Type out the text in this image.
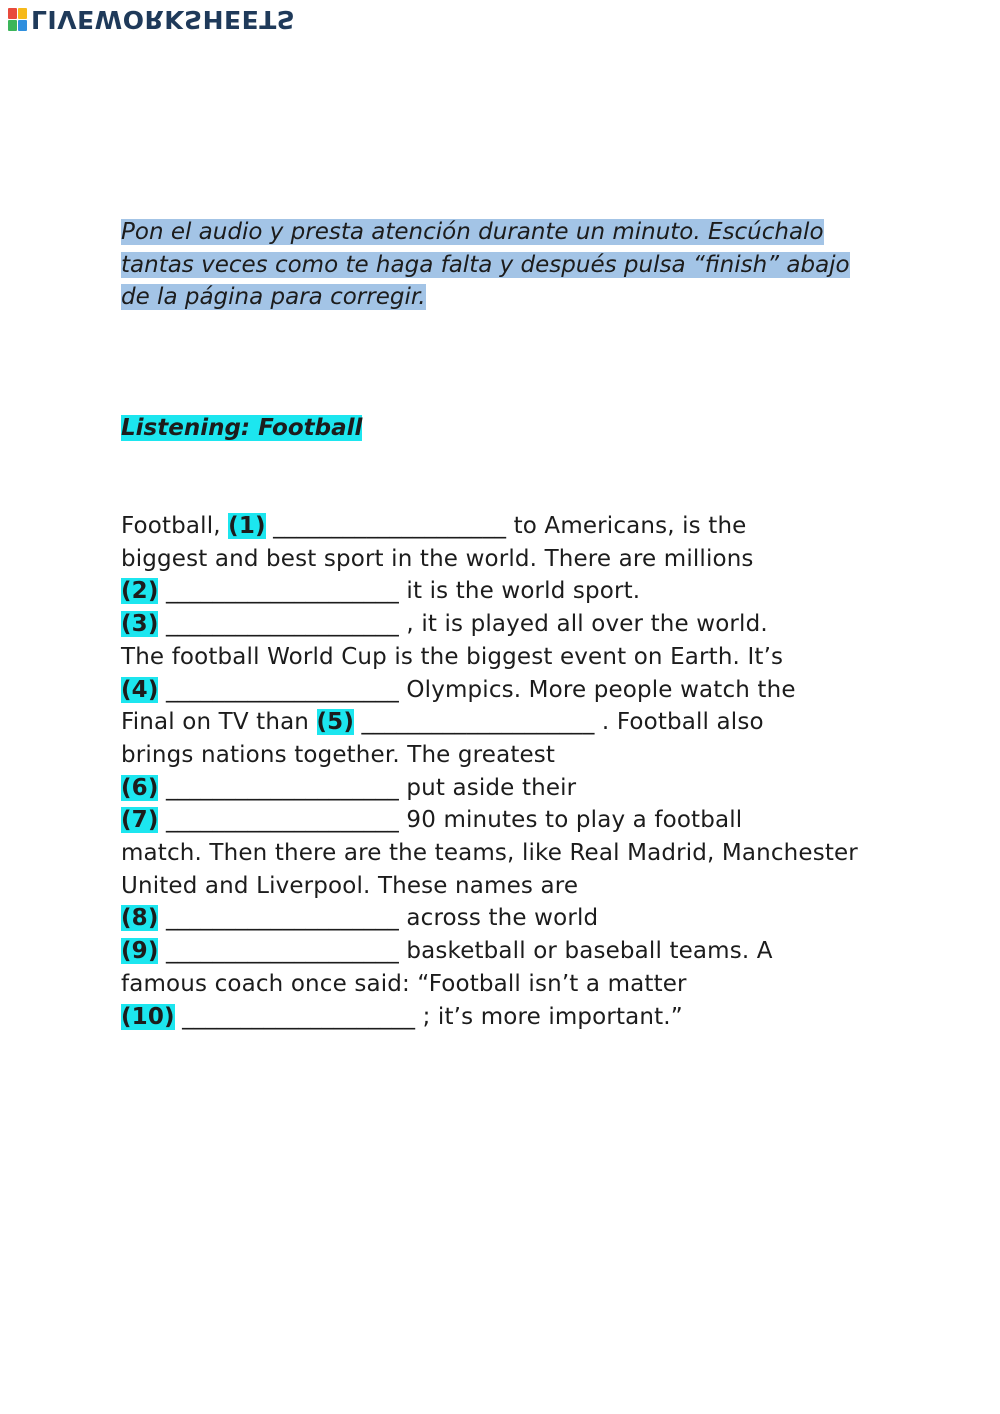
LIVEWORKSHEETS
Pon el audio y presta atención durante un minuto. Escúchalo
tantas veces como te haga falta y después pulsa “finish” abajo
de la página para corregir.
Listening: Football
Football, (1) ____________________ to Americans, is the
biggest and best sport in the world. There are millions
(2) ____________________ it is the world sport.
(3) ____________________ , it is played all over the world.
The football World Cup is the biggest event on Earth. It’s
(4) ____________________ Olympics. More people watch the
Final on TV than (5) ____________________ . Football also
brings nations together. The greatest
(6) ____________________ put aside their
(7) ____________________ 90 minutes to play a football
match. Then there are the teams, like Real Madrid, Manchester
United and Liverpool. These names are
(8) ____________________ across the world
(9) ____________________ basketball or baseball teams. A
famous coach once said: “Football isn’t a matter
(10) ____________________ ; it’s more important.”
